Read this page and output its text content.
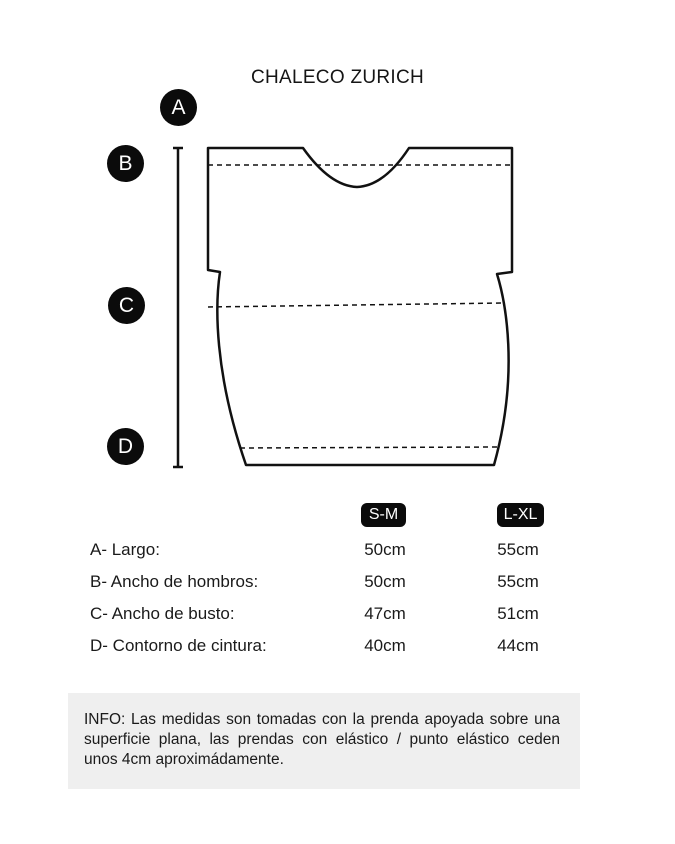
CHALECO ZURICH
A
B
C
D
S-M	L-XL
A- Largo:	50cm	55cm
B- Ancho de hombros:	50cm	55cm
C- Ancho de busto:	47cm	51cm
D- Contorno de cintura:	40cm	44cm
INFO: Las medidas son tomadas con la prenda apoyada sobre una superficie plana, las prendas con elástico / punto elástico ceden unos 4cm aproximádamente.
